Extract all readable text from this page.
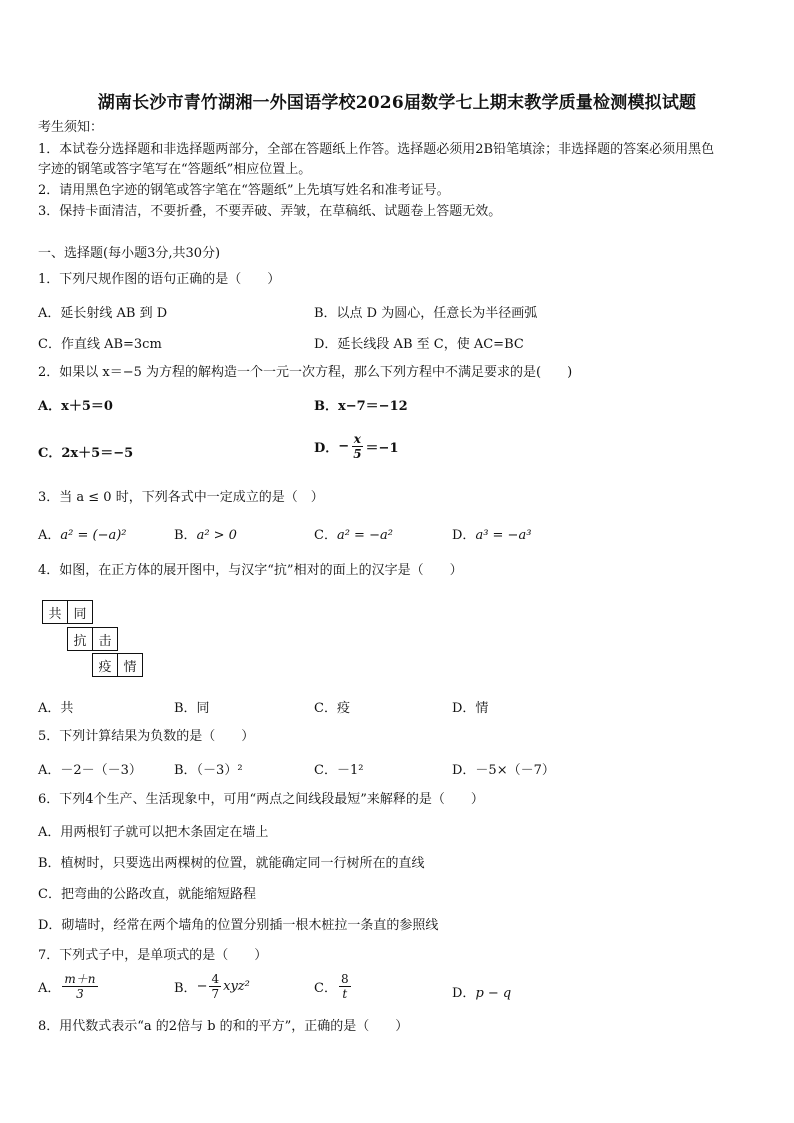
湖南长沙市青竹湖湘一外国语学校2026届数学七上期末教学质量检测模拟试题
考生须知：
1．本试卷分选择题和非选择题两部分，全部在答题纸上作答。选择题必须用2B铅笔填涂；非选择题的答案必须用黑色
字迹的钢笔或答字笔写在“答题纸”相应位置上。
2．请用黑色字迹的钢笔或答字笔在“答题纸”上先填写姓名和准考证号。
3．保持卡面清洁，不要折叠，不要弄破、弄皱，在草稿纸、试题卷上答题无效。
一、选择题(每小题3分,共30分)
1．下列尺规作图的语句正确的是（　　）
A．延长射线 AB 到 D	B．以点 D 为圆心，任意长为半径画弧
C．作直线 AB=3cm	D．延长线段 AB 至 C，使 AC=BC
2．如果以 x＝−5 为方程的解构造一个一元一次方程，那么下列方程中不满足要求的是(　　)
A．x＋5＝0	B．x−7＝−12
C．2x＋5＝−5	D． − $\frac{x}{5} =-1$
3．当 a ≤ 0 时，下列各式中一定成立的是（　）
A．a² = (−a)²	B．a² > 0	C．a² = −a²	D．a³ = −a³
4．如图，在正方体的展开图中，与汉字“抗”相对的面上的汉字是（　　）
共 同
抗 击
疫 情
A．共	B．同	C．疫	D．情
5．下列计算结果为负数的是（　　）
A．－2－（－3） B．（－3）²	C．－1²	D．－5×（－7）
6．下列4个生产、生活现象中，可用“两点之间线段最短”来解释的是（　　）
A．用两根钉子就可以把木条固定在墙上
B．植树时，只要选出两棵树的位置，就能确定同一行树所在的直线
C．把弯曲的公路改直，就能缩短路程
D．砌墙时，经常在两个墙角的位置分别插一根木桩拉一条直的参照线
7．下列式子中，是单项式的是（　　）
A． $\frac{m+n}{3}$	B． − $\frac{4}{7} xyz^2$	C． $\frac{8}{t}$	D．p − q
8．用代数式表示“a 的2倍与 b 的和的平方”，正确的是（　　）
